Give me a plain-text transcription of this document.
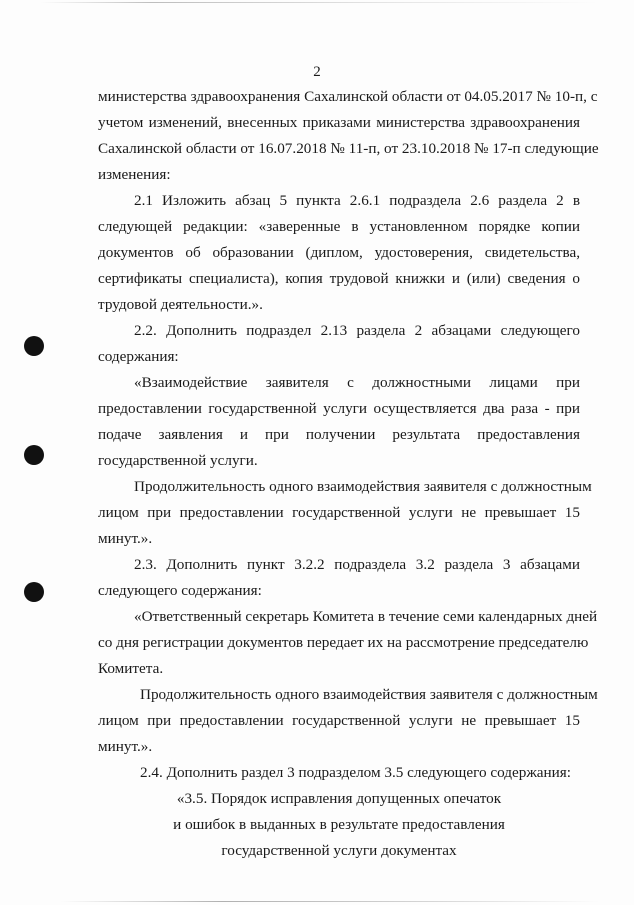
2
министерства здравоохранения Сахалинской области от 04.05.2017 № 10-п, с
учетом изменений, внесенных приказами министерства здравоохранения
Сахалинской области от 16.07.2018 № 11-п, от 23.10.2018 № 17-п следующие
изменения:
2.1 Изложить абзац 5 пункта 2.6.1 подраздела 2.6 раздела 2 в
следующей редакции: «заверенные в установленном порядке копии
документов об образовании (диплом, удостоверения, свидетельства,
сертификаты специалиста), копия трудовой книжки и (или) сведения о
трудовой деятельности.».
2.2. Дополнить подраздел 2.13 раздела 2 абзацами следующего
содержания:
«Взаимодействие заявителя с должностными лицами при
предоставлении государственной услуги осуществляется два раза - при
подаче заявления и при получении результата предоставления
государственной услуги.
Продолжительность одного взаимодействия заявителя с должностным
лицом при предоставлении государственной услуги не превышает 15
минут.».
2.3. Дополнить пункт 3.2.2 подраздела 3.2 раздела 3 абзацами
следующего содержания:
«Ответственный секретарь Комитета в течение семи календарных дней
со дня регистрации документов передает их на рассмотрение председателю
Комитета.
Продолжительность одного взаимодействия заявителя с должностным
лицом при предоставлении государственной услуги не превышает 15
минут.».
2.4. Дополнить раздел 3 подразделом 3.5 следующего содержания:
«3.5. Порядок исправления допущенных опечаток
и ошибок в выданных в результате предоставления
государственной услуги документах
